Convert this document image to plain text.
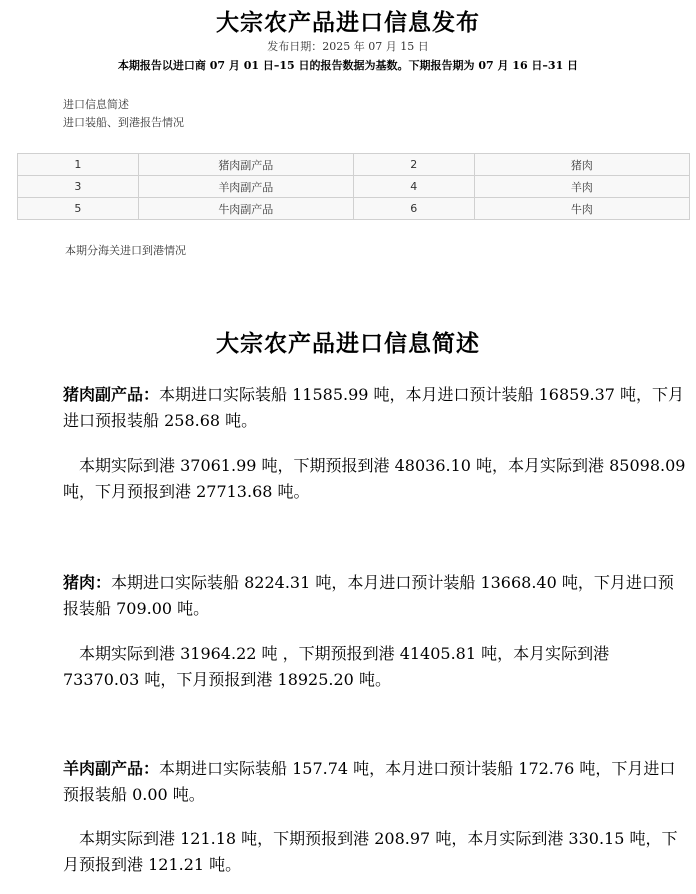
大宗农产品进口信息发布
发布日期：2025 年 07 月 15 日
本期报告以进口商 07 月 01 日–15 日的报告数据为基数。下期报告期为 07 月 16 日–31 日
进口信息简述
进口装船、到港报告情况
1	猪肉副产品	2	猪肉
3	羊肉副产品	4	羊肉
5	牛肉副产品	6	牛肉
本期分海关进口到港情况
大宗农产品进口信息简述

猪肉副产品：本期进口实际装船 11585.99 吨，本月进口预计装船 16859.37 吨，下月进口预报装船 258.68 吨。

本期实际到港 37061.99 吨，下期预报到港 48036.10 吨，本月实际到港 85098.09 吨，下月预报到港 27713.68 吨。

猪肉：本期进口实际装船 8224.31 吨，本月进口预计装船 13668.40 吨，下月进口预报装船 709.00 吨。

本期实际到港 31964.22 吨 ，下期预报到港 41405.81 吨，本月实际到港 73370.03 吨，下月预报到港 18925.20 吨。

羊肉副产品：本期进口实际装船 157.74 吨，本月进口预计装船 172.76 吨，下月进口预报装船 0.00 吨。

本期实际到港 121.18 吨，下期预报到港 208.97 吨，本月实际到港 330.15 吨，下月预报到港 121.21 吨。
